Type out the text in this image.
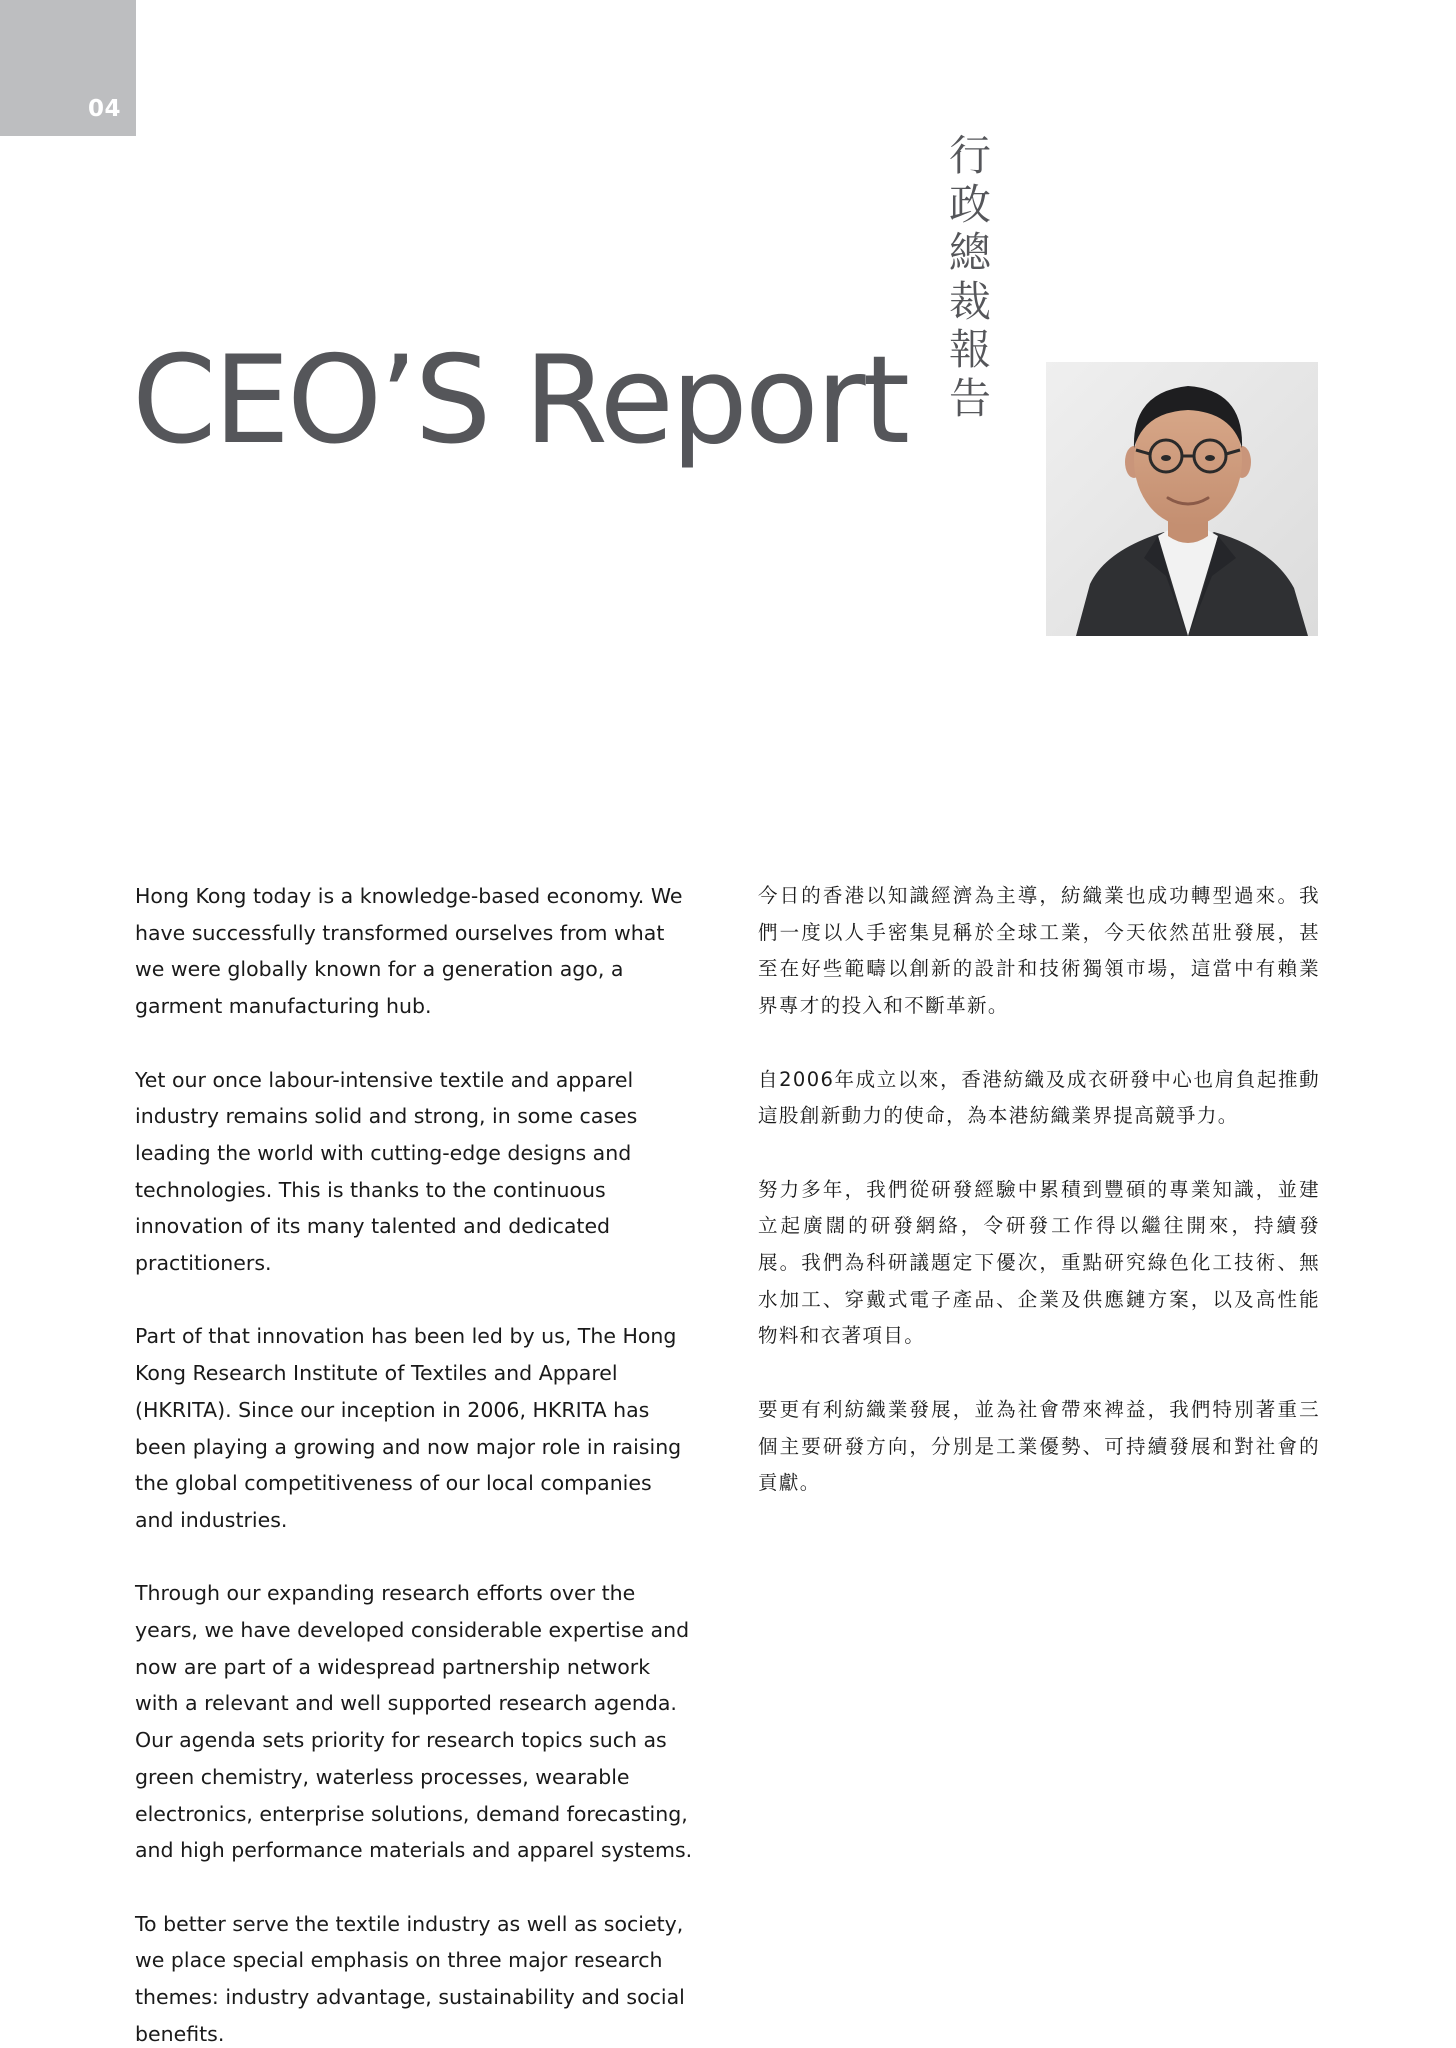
04
CEO’S Report
行
政
總
裁
報
告

Hong Kong today is a knowledge-based economy. We have successfully transformed ourselves from what we were globally known for a generation ago, a garment manufacturing hub.

Yet our once labour-intensive textile and apparel industry remains solid and strong, in some cases leading the world with cutting-edge designs and technologies. This is thanks to the continuous innovation of its many talented and dedicated practitioners.

Part of that innovation has been led by us, The Hong Kong Research Institute of Textiles and Apparel (HKRITA). Since our inception in 2006, HKRITA has been playing a growing and now major role in raising the global competitiveness of our local companies and industries.

Through our expanding research efforts over the years, we have developed considerable expertise and now are part of a widespread partnership network with a relevant and well supported research agenda. Our agenda sets priority for research topics such as green chemistry, waterless processes, wearable electronics, enterprise solutions, demand forecasting, and high performance materials and apparel systems.

To better serve the textile industry as well as society, we place special emphasis on three major research themes: industry advantage, sustainability and social benefits.

今日的香港以知識經濟為主導，紡織業也成功轉型過來。我們一度以人手密集見稱於全球工業，今天依然茁壯發展，甚至在好些範疇以創新的設計和技術獨領市場，這當中有賴業界專才的投入和不斷革新。

自2006年成立以來，香港紡織及成衣研發中心也肩負起推動這股創新動力的使命，為本港紡織業界提高競爭力。

努力多年，我們從研發經驗中累積到豐碩的專業知識，並建立起廣闊的研發網絡，令研發工作得以繼往開來，持續發展。我們為科研議題定下優次，重點研究綠色化工技術、無水加工、穿戴式電子產品、企業及供應鏈方案，以及高性能物料和衣著項目。

要更有利紡織業發展，並為社會帶來裨益，我們特別著重三個主要研發方向，分別是工業優勢、可持續發展和對社會的貢獻。
